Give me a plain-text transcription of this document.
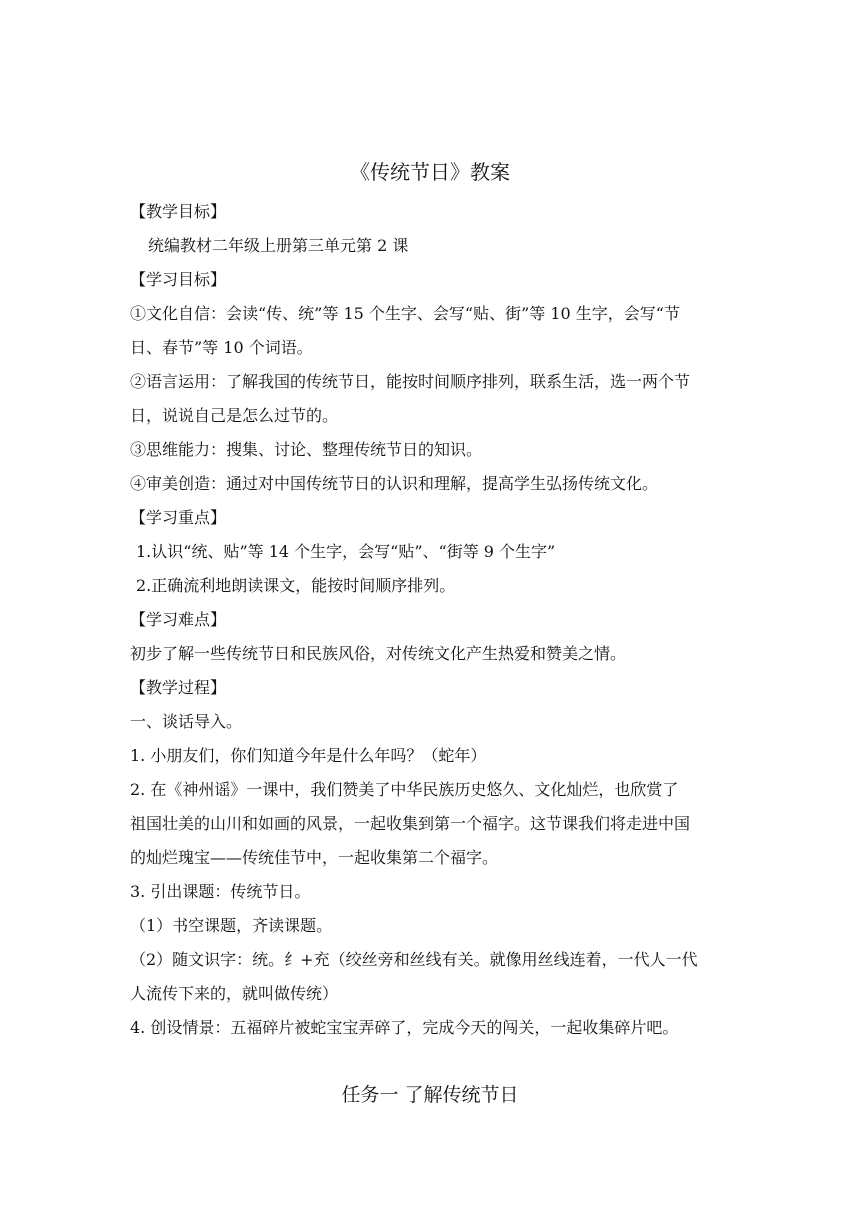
《传统节日》教案
【教学目标】
统编教材二年级上册第三单元第 2 课
【学习目标】
①文化自信：会读“传、统”等 15 个生字、会写“贴、街”等 10 生字，会写“节
日、春节”等 10 个词语。
②语言运用：了解我国的传统节日，能按时间顺序排列，联系生活，选一两个节
日，说说自己是怎么过节的。
③思维能力：搜集、讨论、整理传统节日的知识。
④审美创造：通过对中国传统节日的认识和理解，提高学生弘扬传统文化。
【学习重点】
1.认识“统、贴”等 14 个生字，会写“贴”、“街等 9 个生字”
2.正确流利地朗读课文，能按时间顺序排列。
【学习难点】
初步了解一些传统节日和民族风俗，对传统文化产生热爱和赞美之情。
【教学过程】
一、谈话导入。
1. 小朋友们，你们知道今年是什么年吗？（蛇年）
2. 在《神州谣》一课中，我们赞美了中华民族历史悠久、文化灿烂，也欣赏了
祖国壮美的山川和如画的风景，一起收集到第一个福字。这节课我们将走进中国
的灿烂瑰宝——传统佳节中，一起收集第二个福字。
3. 引出课题：传统节日。
（1）书空课题，齐读课题。
（2）随文识字：统。纟+充（绞丝旁和丝线有关。就像用丝线连着，一代人一代
人流传下来的，就叫做传统）
4. 创设情景：五福碎片被蛇宝宝弄碎了，完成今天的闯关，一起收集碎片吧。
任务一 了解传统节日
